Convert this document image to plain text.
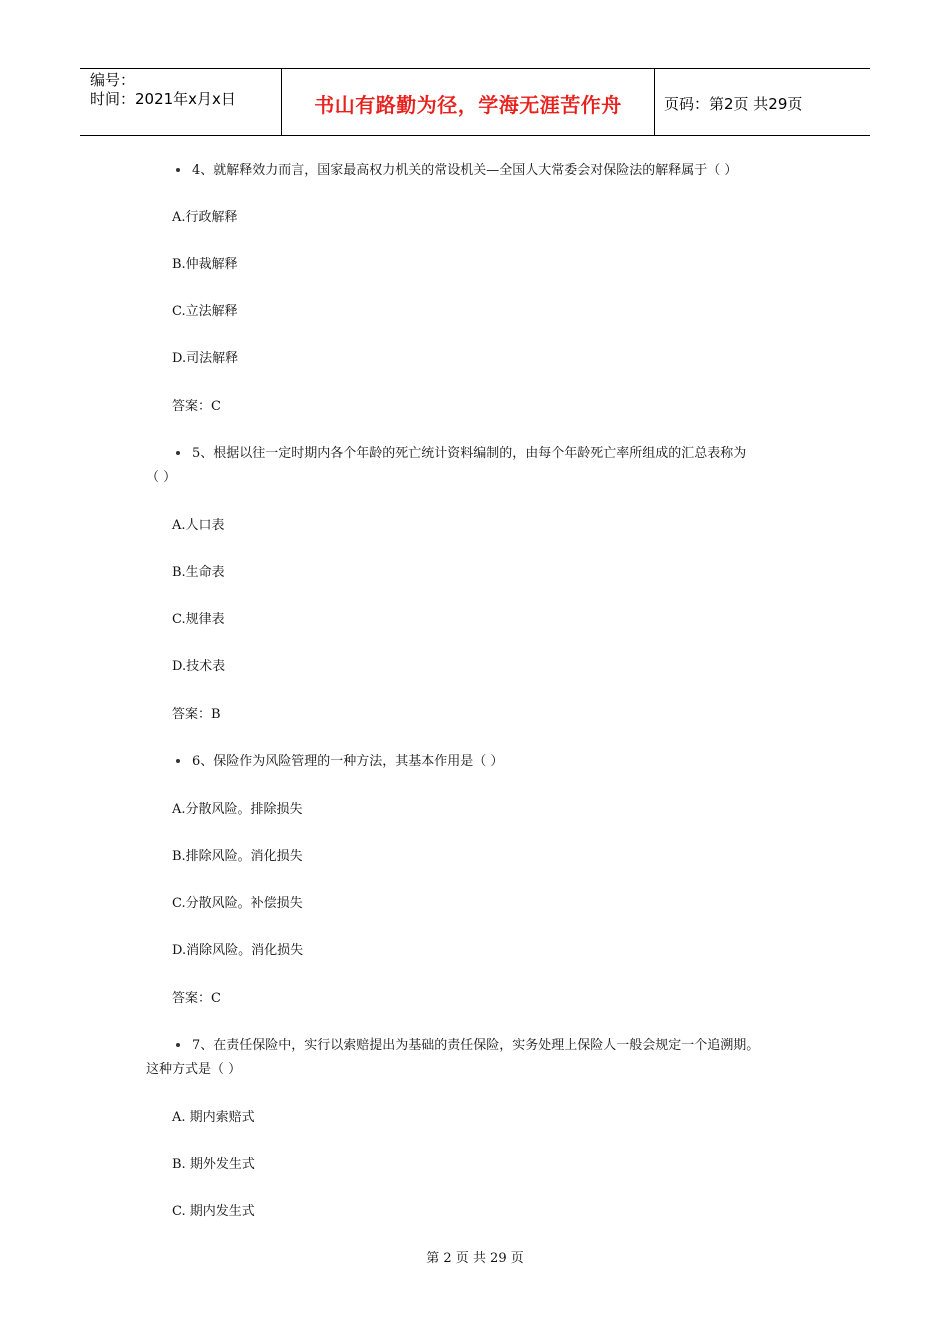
编号：
时间：2021年x月x日	书山有路勤为径，学海无涯苦作舟	页码：第2页 共29页
4、就解释效力而言，国家最高权力机关的常设机关—全国人大常委会对保险法的解释属于（ ）
A.行政解释
B.仲裁解释
C.立法解释
D.司法解释
答案：C
5、根据以往一定时期内各个年龄的死亡统计资料编制的，由每个年龄死亡率所组成的汇总表称为
（ ）
A.人口表
B.生命表
C.规律表
D.技术表
答案：B
6、保险作为风险管理的一种方法，其基本作用是（ ）
A.分散风险。排除损失
B.排除风险。消化损失
C.分散风险。补偿损失
D.消除风险。消化损失
答案：C
7、在责任保险中，实行以索赔提出为基础的责任保险，实务处理上保险人一般会规定一个追溯期。
这种方式是（ ）
A. 期内索赔式
B. 期外发生式
C. 期内发生式
第 2 页 共 29 页
